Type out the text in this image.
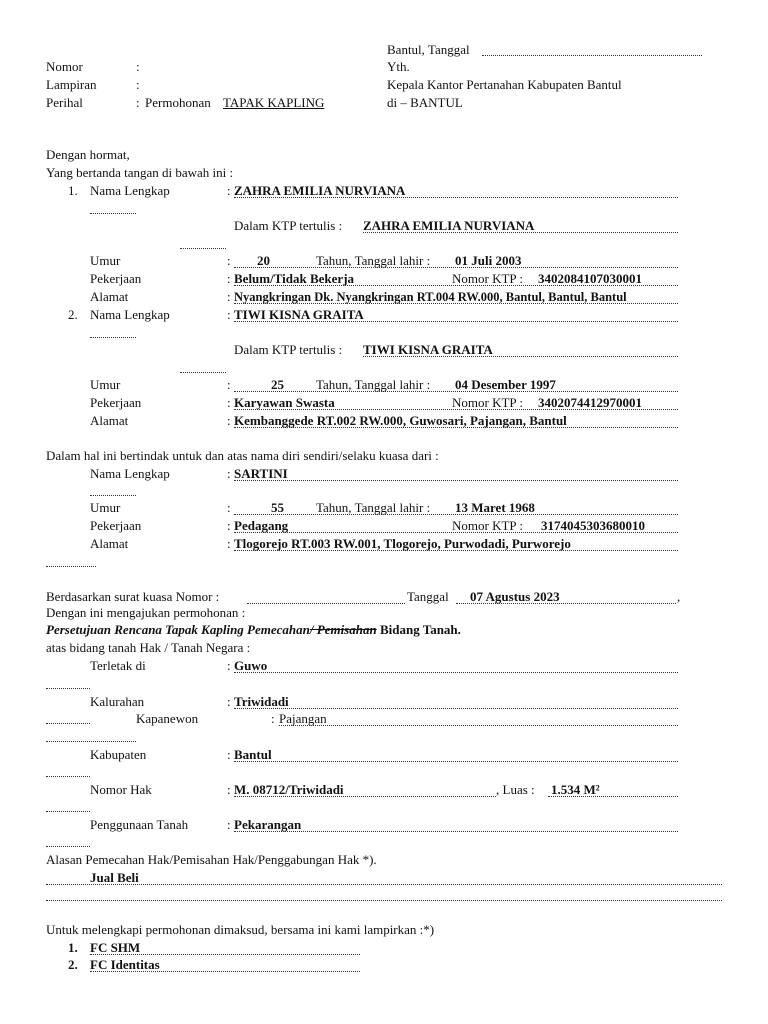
Bantul, Tanggal
Yth.
Kepala Kantor Pertanahan Kabupaten Bantul
di – BANTUL
Nomor	:
Lampiran	:
Perihal	: Permohonan TAPAK KAPLING
Dengan hormat,
Yang bertanda tangan di bawah ini :
1. Nama Lengkap	: ZAHRA EMILIA NURVIANA
Dalam KTP tertulis : ZAHRA EMILIA NURVIANA
Umur	: 20	Tahun, Tanggal lahir : 01 Juli 2003
Pekerjaan	: Belum/Tidak Bekerja	Nomor KTP : 3402084107030001
Alamat	: Nyangkringan Dk. Nyangkringan RT.004 RW.000, Bantul, Bantul, Bantul
2. Nama Lengkap	: TIWI KISNA GRAITA
Dalam KTP tertulis : TIWI KISNA GRAITA
Umur	:	25 Tahun, Tanggal lahir : 04 Desember 1997
Pekerjaan	: Karyawan Swasta	Nomor KTP : 3402074412970001
Alamat	: Kembanggede RT.002 RW.000, Guwosari, Pajangan, Bantul
Dalam hal ini bertindak untuk dan atas nama diri sendiri/selaku kuasa dari :
Nama Lengkap	: SARTINI
Umur	:	55 Tahun, Tanggal lahir : 13 Maret 1968
Pekerjaan	: Pedagang	Nomor KTP : 3174045303680010
Alamat	: Tlogorejo RT.003 RW.001, Tlogorejo, Purwodadi, Purworejo
Berdasarkan surat kuasa Nomor :	Tanggal 07 Agustus 2023	,
Dengan ini mengajukan permohonan :
Persetujuan Rencana Tapak Kapling Pemecahan/ Pemisahan Bidang Tanah.
atas bidang tanah Hak / Tanah Negara :
Terletak di	: Guwo
Kalurahan	: Triwidadi
Kapanewon	: Pajangan
Kabupaten	: Bantul
Nomor Hak	: M. 08712/Triwidadi	, Luas : 1.534 M²
Penggunaan Tanah	: Pekarangan
Alasan Pemecahan Hak/Pemisahan Hak/Penggabungan Hak *).
Jual Beli
Untuk melengkapi permohonan dimaksud, bersama ini kami lampirkan :*)
1. FC SHM
2. FC Identitas
